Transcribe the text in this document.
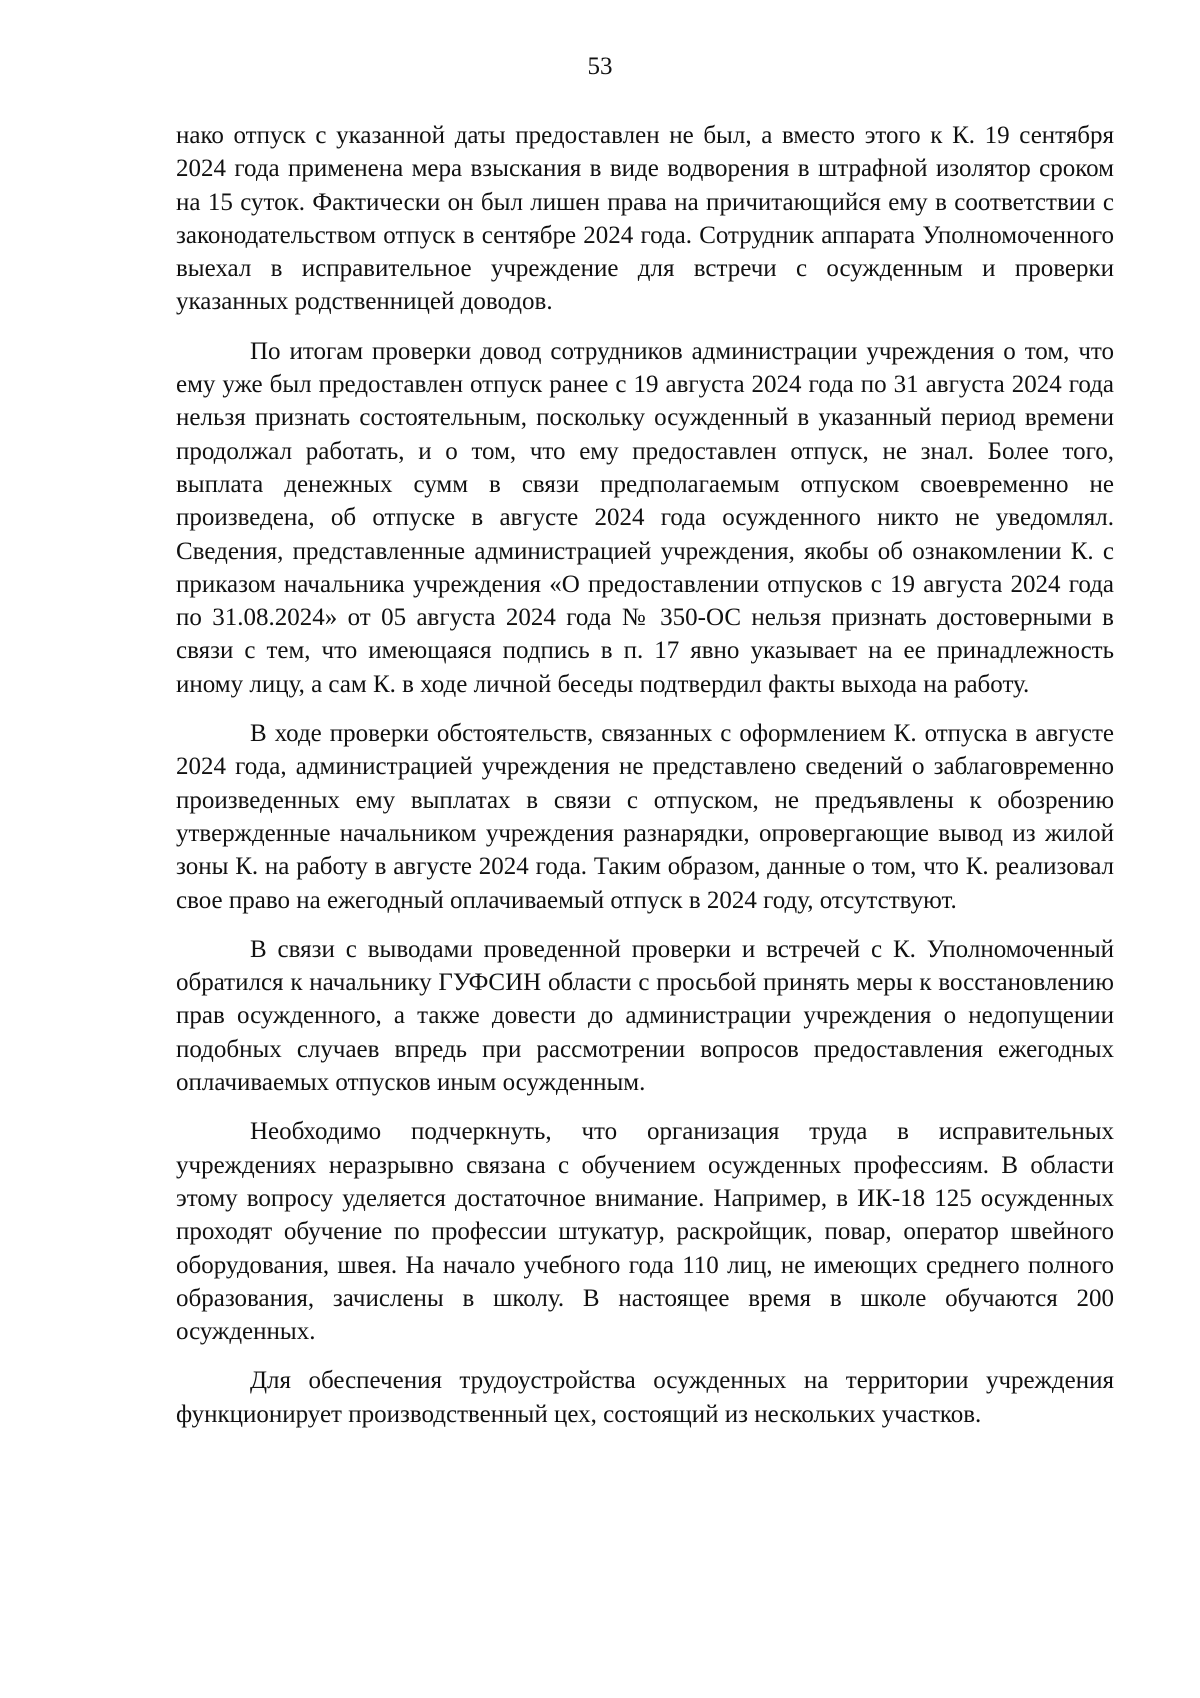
53

нако отпуск с указанной даты предоставлен не был, а вместо этого к К. 19 сентября 2024 года применена мера взыскания в виде водворения в штрафной изолятор сроком на 15 суток. Фактически он был лишен права на причитающийся ему в соответствии с законодательством отпуск в сентябре 2024 года. Сотрудник аппарата Уполномоченного выехал в исправительное учреждение для встречи с осужденным и проверки указанных родственницей доводов.

По итогам проверки довод сотрудников администрации учреждения о том, что ему уже был предоставлен отпуск ранее с 19 августа 2024 года по 31 августа 2024 года нельзя признать состоятельным, поскольку осужденный в указанный период времени продолжал работать, и о том, что ему предоставлен отпуск, не знал. Более того, выплата денежных сумм в связи предполагаемым отпуском своевременно не произведена, об отпуске в августе 2024 года осужденного никто не уведомлял. Сведения, представленные администрацией учреждения, якобы об ознакомлении К. с приказом начальника учреждения «О предоставлении отпусков с 19 августа 2024 года по 31.08.2024» от 05 августа 2024 года № 350-ОС нельзя признать достоверными в связи с тем, что имеющаяся подпись в п. 17 явно указывает на ее принадлежность иному лицу, а сам К. в ходе личной беседы подтвердил факты выхода на работу.

В ходе проверки обстоятельств, связанных с оформлением К. отпуска в августе 2024 года, администрацией учреждения не представлено сведений о заблаговременно произведенных ему выплатах в связи с отпуском, не предъявлены к обозрению утвержденные начальником учреждения разнарядки, опровергающие вывод из жилой зоны К. на работу в августе 2024 года. Таким образом, данные о том, что К. реализовал свое право на ежегодный оплачиваемый отпуск в 2024 году, отсутствуют.

В связи с выводами проведенной проверки и встречей с К. Уполномоченный обратился к начальнику ГУФСИН области с просьбой принять меры к восстановлению прав осужденного, а также довести до администрации учреждения о недопущении подобных случаев впредь при рассмотрении вопросов предоставления ежегодных оплачиваемых отпусков иным осужденным.

Необходимо подчеркнуть, что организация труда в исправительных учреждениях неразрывно связана с обучением осужденных профессиям. В области этому вопросу уделяется достаточное внимание. Например, в ИК-18 125 осужденных проходят обучение по профессии штукатур, раскройщик, повар, оператор швейного оборудования, швея. На начало учебного года 110 лиц, не имеющих среднего полного образования, зачислены в школу. В настоящее время в школе обучаются 200 осужденных.

Для обеспечения трудоустройства осужденных на территории учреждения функционирует производственный цех, состоящий из нескольких участков.
